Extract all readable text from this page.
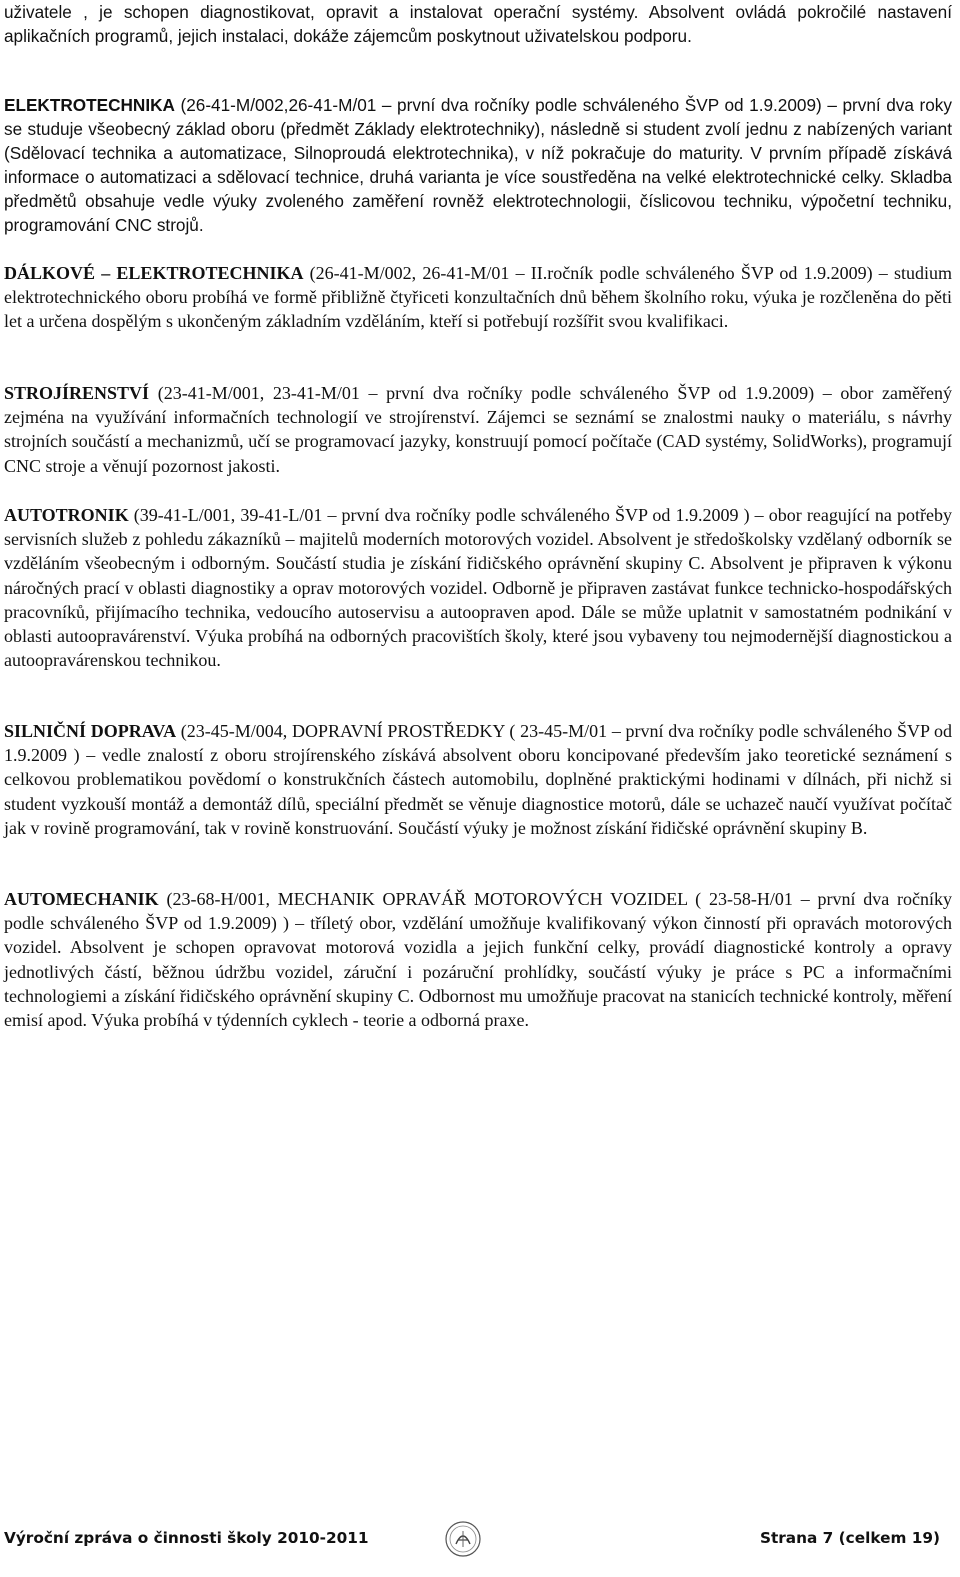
uživatele , je schopen diagnostikovat, opravit a instalovat operační systémy. Absolvent ovládá pokročilé nastavení aplikačních programů, jejich instalaci, dokáže zájemcům poskytnout uživatelskou podporu.

ELEKTROTECHNIKA (26-41-M/002,26-41-M/01 – první dva ročníky podle schváleného ŠVP od 1.9.2009) – první dva roky se studuje všeobecný základ oboru (předmět Základy elektrotechniky), následně si student zvolí jednu z nabízených variant (Sdělovací technika a automatizace, Silnoproudá elektrotechnika), v níž pokračuje do maturity. V prvním případě získává informace o automatizaci a sdělovací technice, druhá varianta je více soustředěna na velké elektrotechnické celky. Skladba předmětů obsahuje vedle výuky zvoleného zaměření rovněž elektrotechnologii, číslicovou techniku, výpočetní techniku, programování CNC strojů.

DÁLKOVÉ – ELEKTROTECHNIKA (26-41-M/002, 26-41-M/01 – II.ročník podle schváleného ŠVP od 1.9.2009) – studium elektrotechnického oboru probíhá ve formě přibližně čtyřiceti konzultačních dnů během školního roku, výuka je rozčleněna do pěti let a určena dospělým s ukončeným základním vzděláním, kteří si potřebují rozšířit svou kvalifikaci.

STROJÍRENSTVÍ (23-41-M/001, 23-41-M/01 – první dva ročníky podle schváleného ŠVP od 1.9.2009) – obor zaměřený zejména na využívání informačních technologií ve strojírenství. Zájemci se seznámí se znalostmi nauky o materiálu, s návrhy strojních součástí a mechanizmů, učí se programovací jazyky, konstruují pomocí počítače (CAD systémy, SolidWorks), programují CNC stroje a věnují pozornost jakosti.

AUTOTRONIK (39-41-L/001, 39-41-L/01 – první dva ročníky podle schváleného ŠVP od 1.9.2009 ) – obor reagující na potřeby servisních služeb z pohledu zákazníků – majitelů moderních motorových vozidel. Absolvent je středoškolsky vzdělaný odborník se vzděláním všeobecným i odborným. Součástí studia je získání řidičského oprávnění skupiny C. Absolvent je připraven k výkonu náročných prací v oblasti diagnostiky a oprav motorových vozidel. Odborně je připraven zastávat funkce technicko-hospodářských pracovníků, přijímacího technika, vedoucího autoservisu a autoopraven apod. Dále se může uplatnit v samostatném podnikání v oblasti autoopravárenství. Výuka probíhá na odborných pracovištích školy, které jsou vybaveny tou nejmodernější diagnostickou a autoopravárenskou technikou.

SILNIČNÍ DOPRAVA (23-45-M/004, DOPRAVNÍ PROSTŘEDKY ( 23-45-M/01 – první dva ročníky podle schváleného ŠVP od 1.9.2009 ) – vedle znalostí z oboru strojírenského získává absolvent oboru koncipované především jako teoretické seznámení s celkovou problematikou povědomí o konstrukčních částech automobilu, doplněné praktickými hodinami v dílnách, při nichž si student vyzkouší montáž a demontáž dílů, speciální předmět se věnuje diagnostice motorů, dále se uchazeč naučí využívat počítač jak v rovině programování, tak v rovině konstruování. Součástí výuky je možnost získání řidičské oprávnění skupiny B.

AUTOMECHANIK (23-68-H/001, MECHANIK OPRAVÁŘ MOTOROVÝCH VOZIDEL ( 23-58-H/01 – první dva ročníky podle schváleného ŠVP od 1.9.2009) ) – tříletý obor, vzdělání umožňuje kvalifikovaný výkon činností při opravách motorových vozidel. Absolvent je schopen opravovat motorová vozidla a jejich funkční celky, provádí diagnostické kontroly a opravy jednotlivých částí, běžnou údržbu vozidel, záruční i pozáruční prohlídky, součástí výuky je práce s PC a informačními technologiemi a získání řidičského oprávnění skupiny C. Odbornost mu umožňuje pracovat na stanicích technické kontroly, měření emisí apod. Výuka probíhá v týdenních cyklech - teorie a odborná praxe.

Výroční zpráva o činnosti školy 2010-2011	Strana 7 (celkem 19)
